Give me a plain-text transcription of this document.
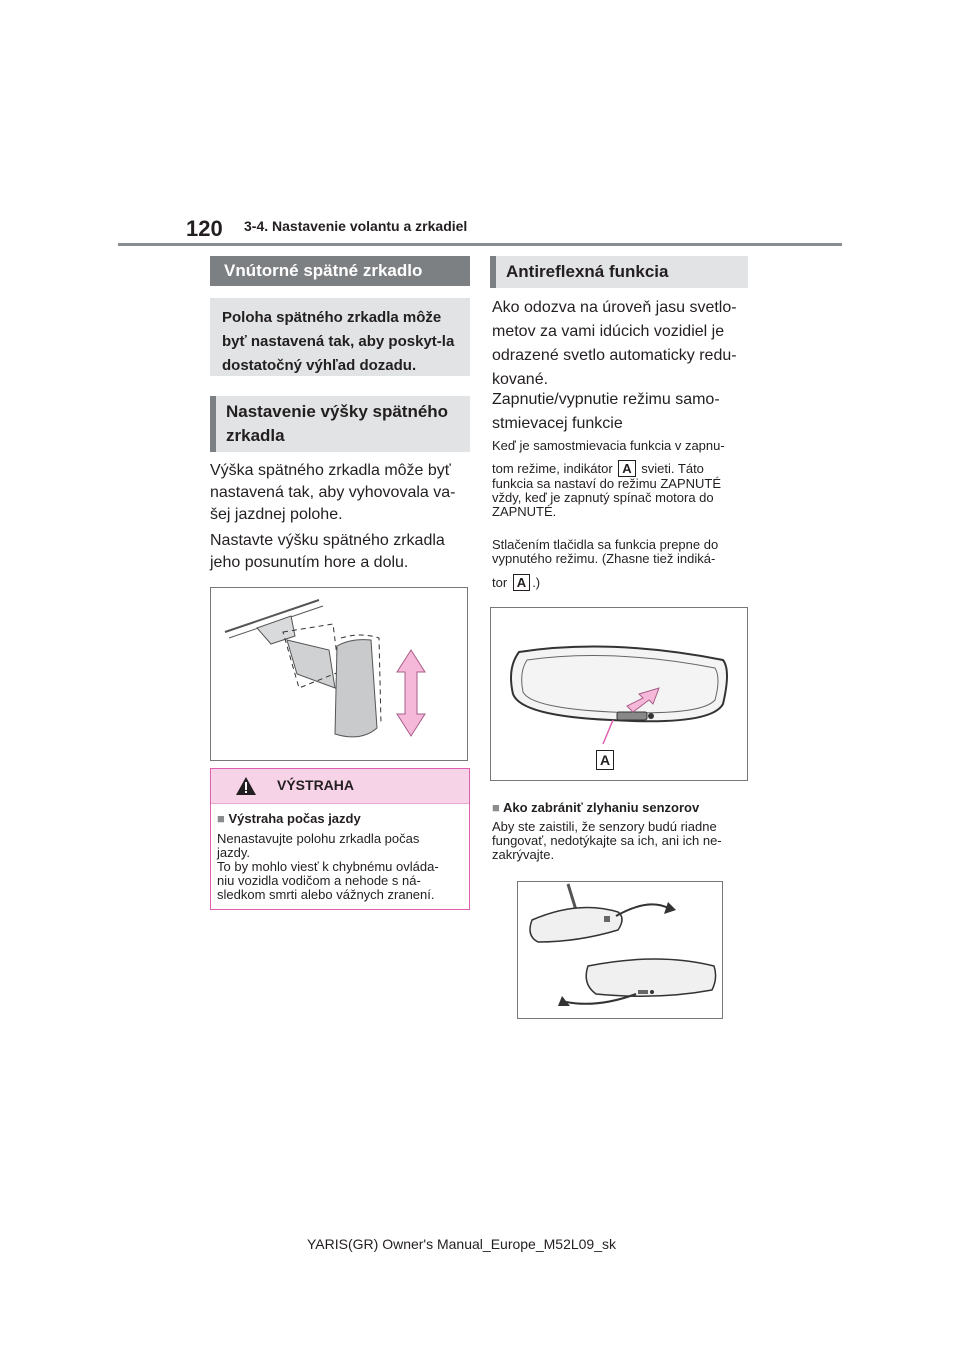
120 3-4. Nastavenie volantu a zrkadiel
Vnútorné spätné zrkadlo
Poloha spätného zrkadla môže byť nastavená tak, aby poskyt-la dostatočný výhľad dozadu.
Nastavenie výšky spätného zrkadla
Výška spätného zrkadla môže byť
nastavená tak, aby vyhovovala va-
šej jazdnej polohe.
Nastavte výšku spätného zrkadla
jeho posunutím hore a dolu.
VÝSTRAHA
■ Výstraha počas jazdy
Nenastavujte polohu zrkadla počas
jazdy.
To by mohlo viesť k chybnému ovláda-
niu vozidla vodičom a nehode s ná-
sledkom smrti alebo vážnych zranení.
Antireflexná funkcia
Ako odozva na úroveň jasu svetlo-
metov za vami idúcich vozidiel je
odrazené svetlo automaticky redu-
kované.
Zapnutie/vypnutie režimu samo-
stmievacej funkcie
Keď je samostmievacia funkcia v zapnu-
tom režime, indikátor A svieti. Táto
funkcia sa nastaví do režimu ZAPNUTÉ
vždy, keď je zapnutý spínač motora do
ZAPNUTÉ.
Stlačením tlačidla sa funkcia prepne do
vypnutého režimu. (Zhasne tiež indiká-
tor A .)
A
■ Ako zabrániť zlyhaniu senzorov
Aby ste zaistili, že senzory budú riadne
fungovať, nedotýkajte sa ich, ani ich ne-
zakrývajte.
YARIS(GR) Owner's Manual_Europe_M52L09_sk
